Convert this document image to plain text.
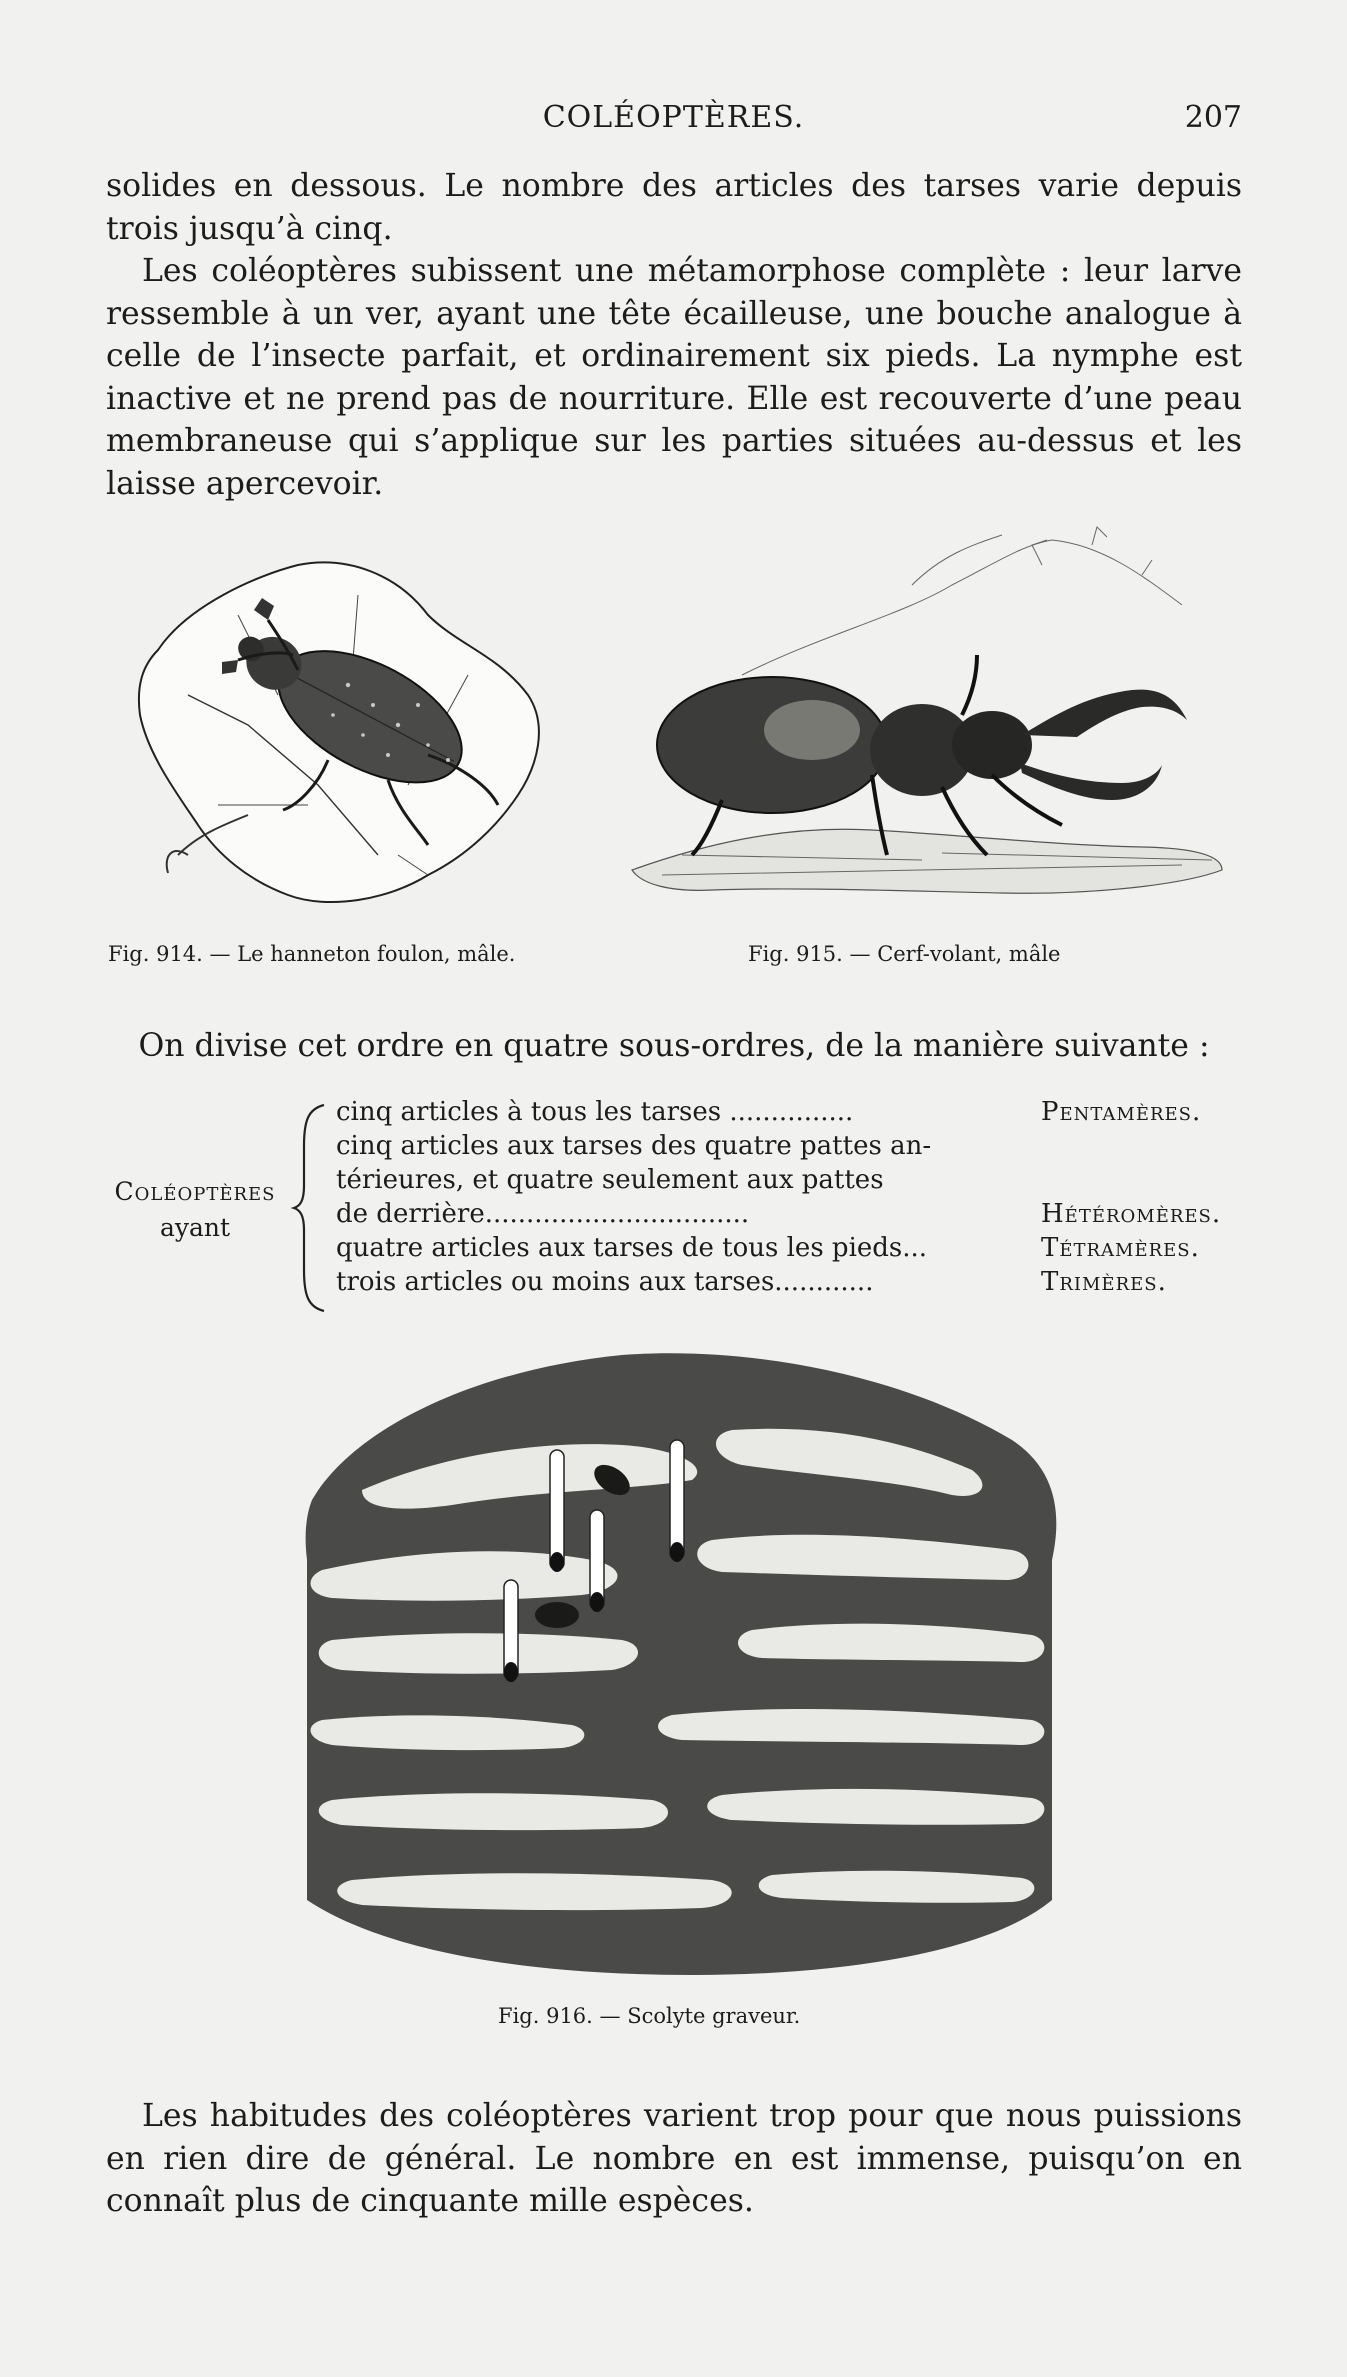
COLÉOPTÈRES.	207

solides en dessous. Le nombre des articles des tarses varie depuis trois jusqu’à cinq.

Les coléoptères subissent une métamorphose complète : leur larve ressemble à un ver, ayant une tête écailleuse, une bouche analogue à celle de l’insecte parfait, et ordinairement six pieds. La nymphe est inactive et ne prend pas de nourriture. Elle est recouverte d’une peau membraneuse qui s’applique sur les parties situées au-dessus et les laisse apercevoir.

Fig. 914. — Le hanneton foulon, mâle.	Fig. 915. — Cerf-volant, mâle
On divise cet ordre en quatre sous-ordres, de la manière suivante :
Coléoptères
ayant
cinq articles à tous les tarses ...............
cinq articles aux tarses des quatre pattes an-
térieures, et quatre seulement aux pattes
de derrière................................
quatre articles aux tarses de tous les pieds...
trois articles ou moins aux tarses............
Pentamères.
Hétéromères.
Tétramères.
Trimères.
Fig. 916. — Scolyte graveur.

Les habitudes des coléoptères varient trop pour que nous puissions en rien dire de général. Le nombre en est immense, puisqu’on en connaît plus de cinquante mille espèces.
